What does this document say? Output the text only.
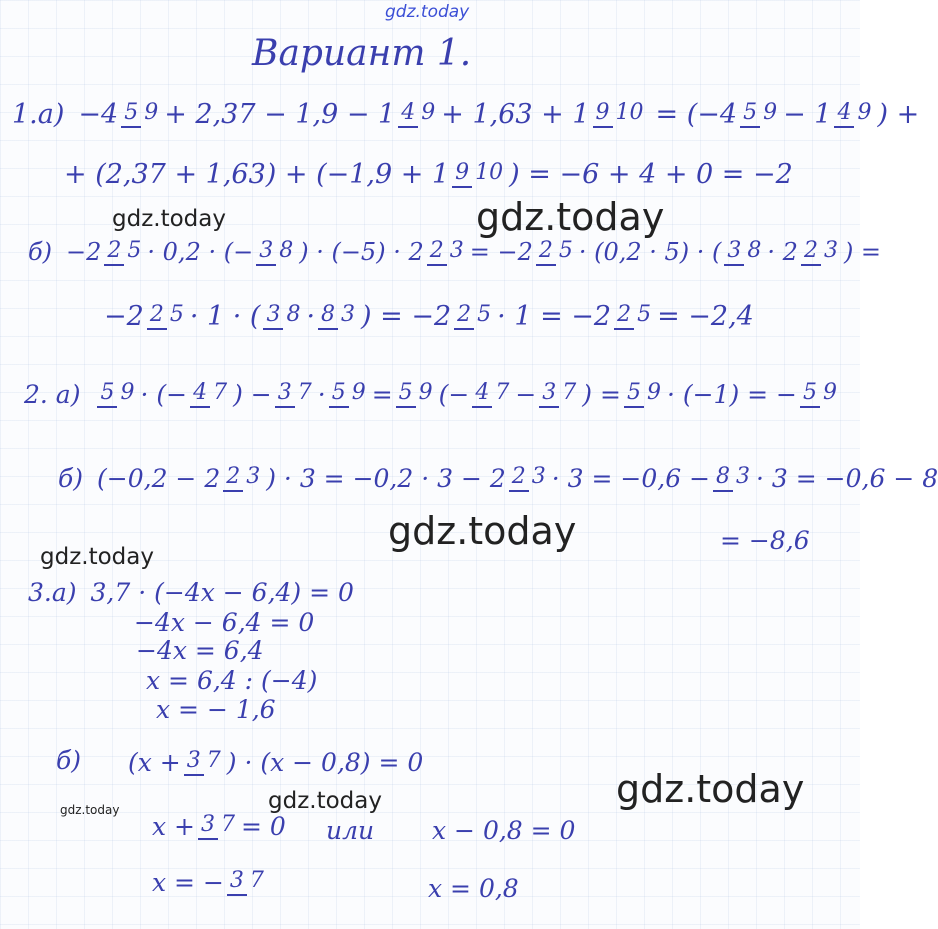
gdz.today
gdz.today	gdz.today
gdz.today
gdz.today
gdz.today
gdz.today
gdz.today
Вариант 1.
1.а) −4 5 9 + 2,37 − 1,9 − 1 4 9 + 1,63 + 1 9 10 = (−4 5 9 − 1 4 9 ) +
+ (2,37 + 1,63) + (−1,9 + 1 9 10 ) = −6 + 4 + 0 = −2
б) −2 2 5 · 0,2 · (− 3 8 ) · (−5) · 2 2 3 = −2 2 5 · (0,2 · 5) · ( 3 8 · 2 2 3 ) =
−2 2 5 · 1 · ( 3 8 · 8 3 ) = −2 2 5 · 1 = −2 2 5 = −2,4
2. а) 5 9 · (− 4 7 ) − 3 7 · 5 9 = 5 9 (− 4 7 − 3 7 ) = 5 9 · (−1) = − 5 9
б) (−0,2 − 2 2 3 ) · 3 = −0,2 · 3 − 2 2 3 · 3 = −0,6 − 8 3 · 3 = −0,6 − 8
= −8,6
3.а) 3,7 · (−4x − 6,4) = 0
−4x − 6,4 = 0
−4x = 6,4
x = 6,4 : (−4)
x = − 1,6
б) (x + 3 7 ) · (x − 0,8) = 0
x + 3 7 = 0 или x − 0,8 = 0
x = − 3 7	x = 0,8
